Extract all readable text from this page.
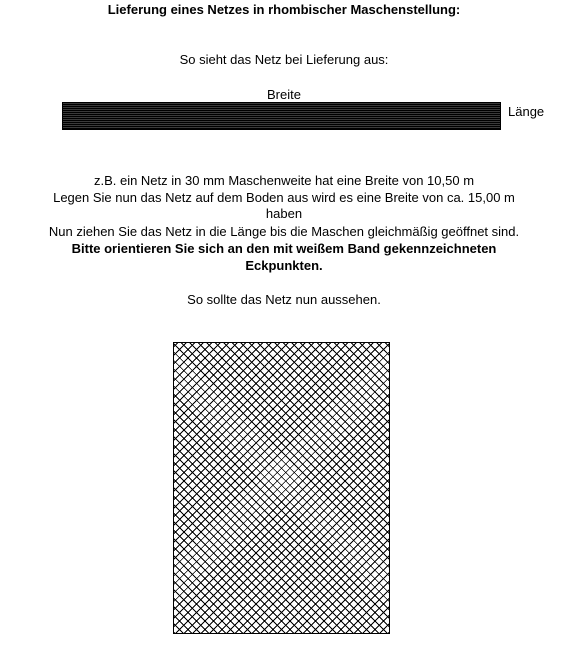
Lieferung eines Netzes in rhombischer Maschenstellung:
So sieht das Netz bei Lieferung aus:
Breite
Länge
z.B. ein Netz in 30 mm Maschenweite hat eine Breite von 10,50 m
Legen Sie nun das Netz auf dem Boden aus wird es eine Breite von ca. 15,00 m
haben
Nun ziehen Sie das Netz in die Länge bis die Maschen gleichmäßig geöffnet sind.
Bitte orientieren Sie sich an den mit weißem Band gekennzeichneten
Eckpunkten.
So sollte das Netz nun aussehen.
